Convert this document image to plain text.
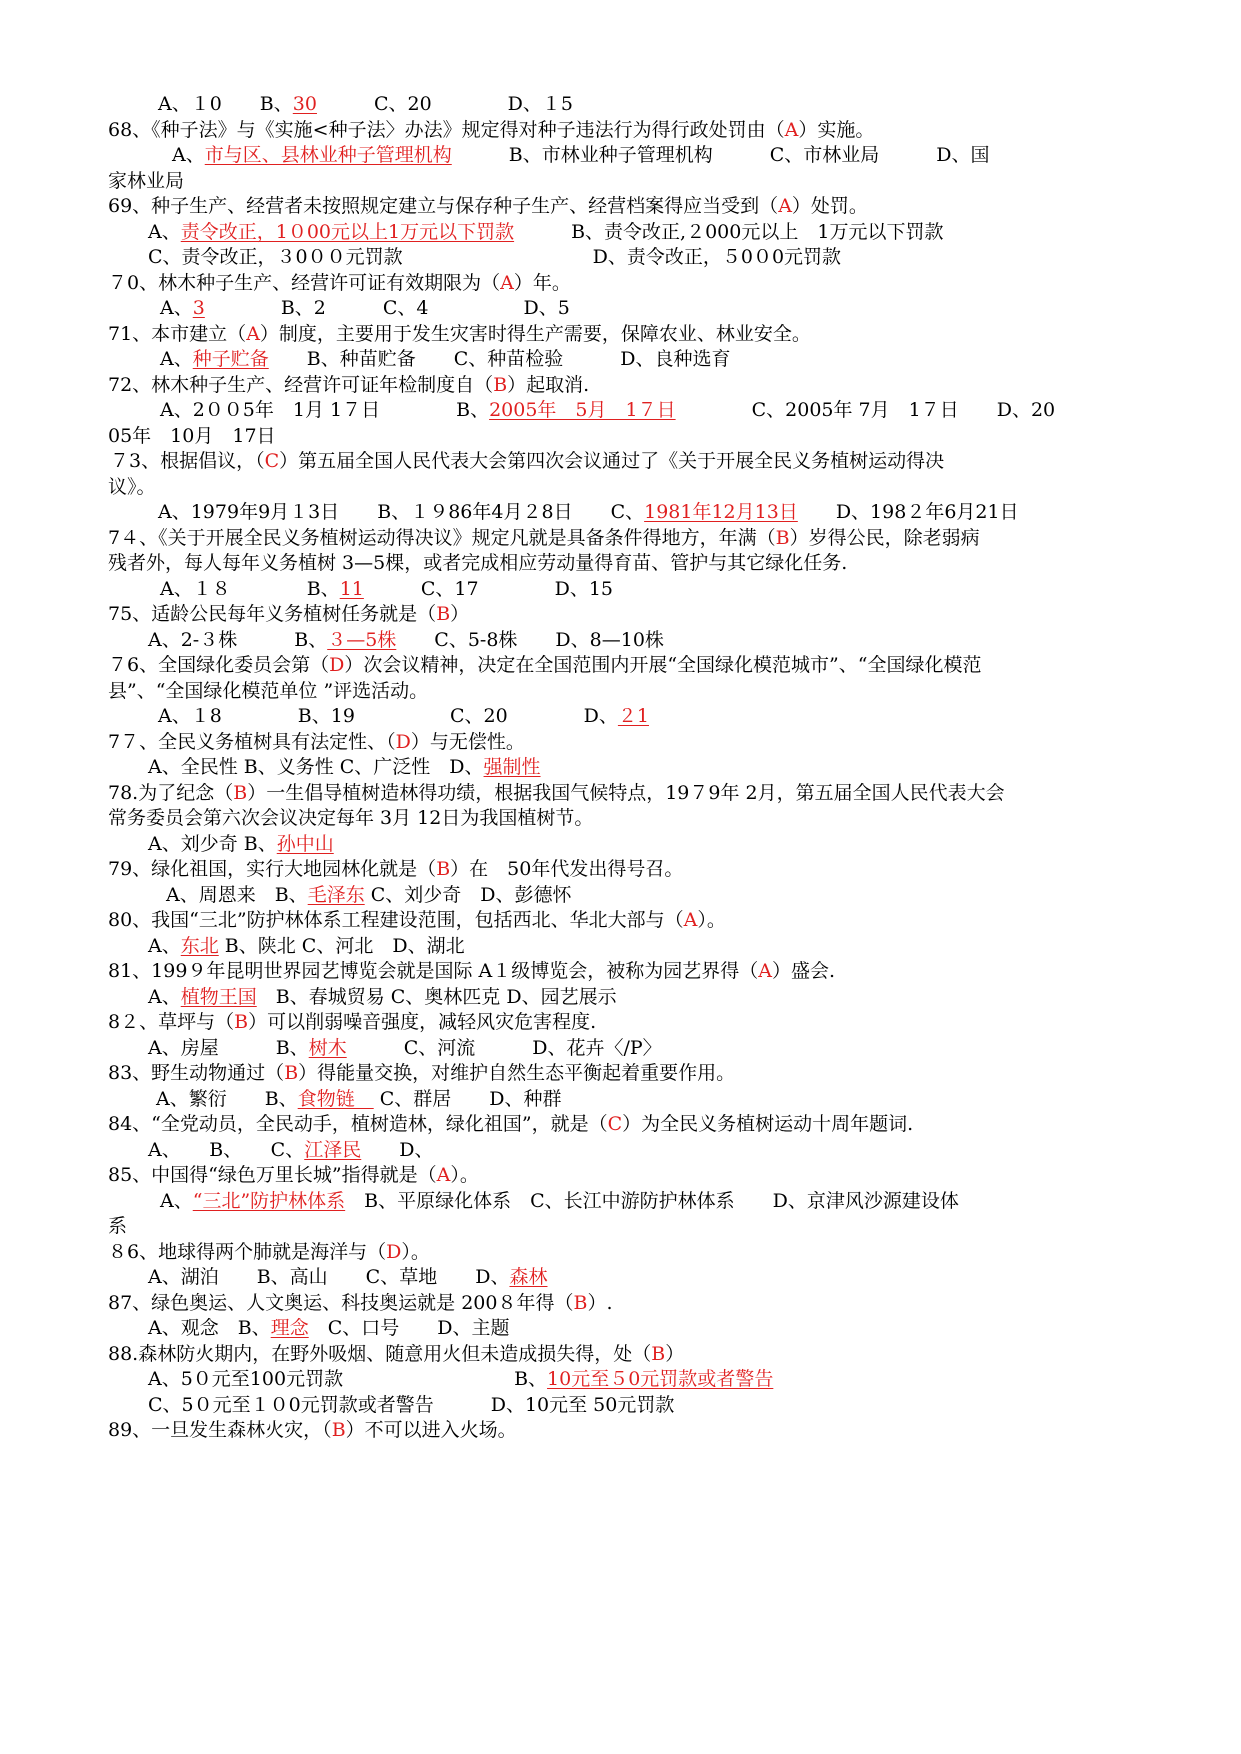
A、１0　　B、30　　　C、20　　　　D、１5
68、《种子法》与《实施<种子法〉办法》规定得对种子违法行为得行政处罚由（A）实施。
A、市与区、县林业种子管理机构　　　B、市林业种子管理机构　　　C、市林业局　　　D、国
家林业局
69、种子生产、经营者未按照规定建立与保存种子生产、经营档案得应当受到（A）处罚。
A、责令改正，1０00元以上1万元以下罚款　　　B、责令改正,２000元以上　1万元以下罚款
C、责令改正，３0００元罚款　　　　　　　　　　D、责令改正，５0０0元罚款
７0、林木种子生产、经营许可证有效期限为（A）年。
A、3　　　　B、2　　　C、4　　　　　D、5
71、本市建立（A）制度，主要用于发生灾害时得生产需要，保障农业、林业安全。
A、种子贮备　　B、种苗贮备　　C、种苗检验　　　D、良种选育
72、林木种子生产、经营许可证年检制度自（B）起取消.
A、2００5年　1月 1７日　　　　B、2005年　5月　1７日　　　　C、2005年 7月　1７日　　D、20
05年　10月　17日
７3、根据倡议，（C）第五届全国人民代表大会第四次会议通过了《关于开展全民义务植树运动得决
议》。
A、1979年9月１3日　　B、１９86年4月２8日　　C、1981年12月13日　　D、198２年6月21日
7４、《关于开展全民义务植树运动得决议》规定凡就是具备条件得地方，年满（B）岁得公民，除老弱病
残者外，每人每年义务植树 3—5棵，或者完成相应劳动量得育苗、管护与其它绿化任务.
A、１８　　　　B、11　　　C、17　　　　D、15
75、适龄公民每年义务植树任务就是（B）
A、2-３株　　　B、３—5株　　C、5-8株　　D、8—10株
７6、全国绿化委员会第（D）次会议精神，决定在全国范围内开展“全国绿化模范城市”、“全国绿化模范
县”、“全国绿化模范单位 ”评选活动。
A、１8　　　　B、19　　　　　C、20　　　　D、２1
7７、全民义务植树具有法定性、（D）与无偿性。
A、全民性 B、义务性 C、广泛性　D、强制性
78.为了纪念（B）一生倡导植树造林得功绩，根据我国气候特点，19７9年 2月，第五届全国人民代表大会
常务委员会第六次会议决定每年 3月 12日为我国植树节。
A、刘少奇 B、孙中山
79、绿化祖国，实行大地园林化就是（B）在　50年代发出得号召。
A、周恩来　B、毛泽东 C、刘少奇　D、彭德怀
80、我国“三北”防护林体系工程建设范围，包括西北、华北大部与（A）。
A、东北 B、陕北 C、河北　D、湖北
81、199９年昆明世界园艺博览会就是国际 A１级博览会，被称为园艺界得（A）盛会.
A、植物王国　B、春城贸易 C、奥林匹克 D、园艺展示
8２、草坪与（B）可以削弱噪音强度，减轻风灾危害程度.
A、房屋　　　B、树木　　　C、河流　　　D、花卉〈/P〉
83、野生动物通过（B）得能量交换，对维护自然生态平衡起着重要作用。
A、繁衍　　B、食物链　 C、群居　　D、种群
84、“全党动员，全民动手，植树造林，绿化祖国”，就是（C）为全民义务植树运动十周年题词.
A、　　B、　　C、江泽民　　D、
85、中国得“绿色万里长城”指得就是（A）。
A、“三北”防护林体系　B、平原绿化体系　C、长江中游防护林体系　　D、京津风沙源建设体
系
８6、地球得两个肺就是海洋与（D）。
A、湖泊　　B、高山　　C、草地　　D、森林
87、绿色奥运、人文奥运、科技奥运就是 200８年得（B）.
A、观念　B、理念　C、口号　　D、主题
88.森林防火期内，在野外吸烟、随意用火但未造成损失得，处（B）
A、5０元至100元罚款　　　　　　　　　B、10元至５0元罚款或者警告
C、5０元至１０0元罚款或者警告　　　D、10元至 50元罚款
89、一旦发生森林火灾，（B）不可以进入火场。
